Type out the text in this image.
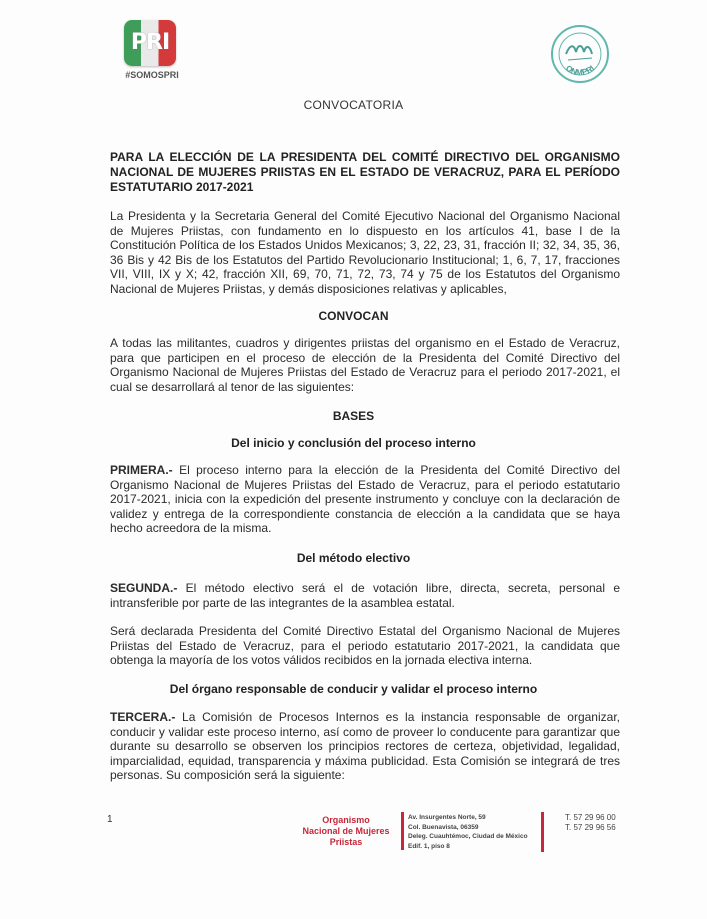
PRI
#SOMOSPRI
ONMPRI
CONVOCATORIA
PARA LA ELECCIÓN DE LA PRESIDENTA DEL COMITÉ DIRECTIVO DEL ORGANISMO NACIONAL DE MUJERES PRIISTAS EN EL ESTADO DE VERACRUZ, PARA EL PERÍODO ESTATUTARIO 2017-2021
La Presidenta y la Secretaria General del Comité Ejecutivo Nacional del Organismo Nacional de Mujeres Priistas, con fundamento en lo dispuesto en los artículos 41, base I de la Constitución Política de los Estados Unidos Mexicanos; 3, 22, 23, 31, fracción II; 32, 34, 35, 36, 36 Bis y 42 Bis de los Estatutos del Partido Revolucionario Institucional; 1, 6, 7, 17, fracciones VII, VIII, IX y X; 42, fracción XII, 69, 70, 71, 72, 73, 74 y 75 de los Estatutos del Organismo Nacional de Mujeres Priistas, y demás disposiciones relativas y aplicables,
CONVOCAN
A todas las militantes, cuadros y dirigentes priistas del organismo en el Estado de Veracruz, para que participen en el proceso de elección de la Presidenta del Comité Directivo del Organismo Nacional de Mujeres Priistas del Estado de Veracruz para el periodo 2017-2021, el cual se desarrollará al tenor de las siguientes:
BASES
Del inicio y conclusión del proceso interno
PRIMERA.- El proceso interno para la elección de la Presidenta del Comité Directivo del Organismo Nacional de Mujeres Priistas del Estado de Veracruz, para el periodo estatutario 2017-2021, inicia con la expedición del presente instrumento y concluye con la declaración de validez y entrega de la correspondiente constancia de elección a la candidata que se haya hecho acreedora de la misma.
Del método electivo
SEGUNDA.- El método electivo será el de votación libre, directa, secreta, personal e intransferible por parte de las integrantes de la asamblea estatal.
Será declarada Presidenta del Comité Directivo Estatal del Organismo Nacional de Mujeres Priistas del Estado de Veracruz, para el periodo estatutario 2017-2021, la candidata que obtenga la mayoría de los votos válidos recibidos en la jornada electiva interna.
Del órgano responsable de conducir y validar el proceso interno
TERCERA.- La Comisión de Procesos Internos es la instancia responsable de organizar, conducir y validar este proceso interno, así como de proveer lo conducente para garantizar que durante su desarrollo se observen los principios rectores de certeza, objetividad, legalidad, imparcialidad, equidad, transparencia y máxima publicidad. Esta Comisión se integrará de tres personas. Su composición será la siguiente:
1	Organismo
Nacional de Mujeres
Priistas
Av. Insurgentes Norte, 59
Col. Buenavista, 06359
Deleg. Cuauhtémoc, Ciudad de México
Edif. 1, piso 8
T. 57 29 96 00
T. 57 29 96 56
